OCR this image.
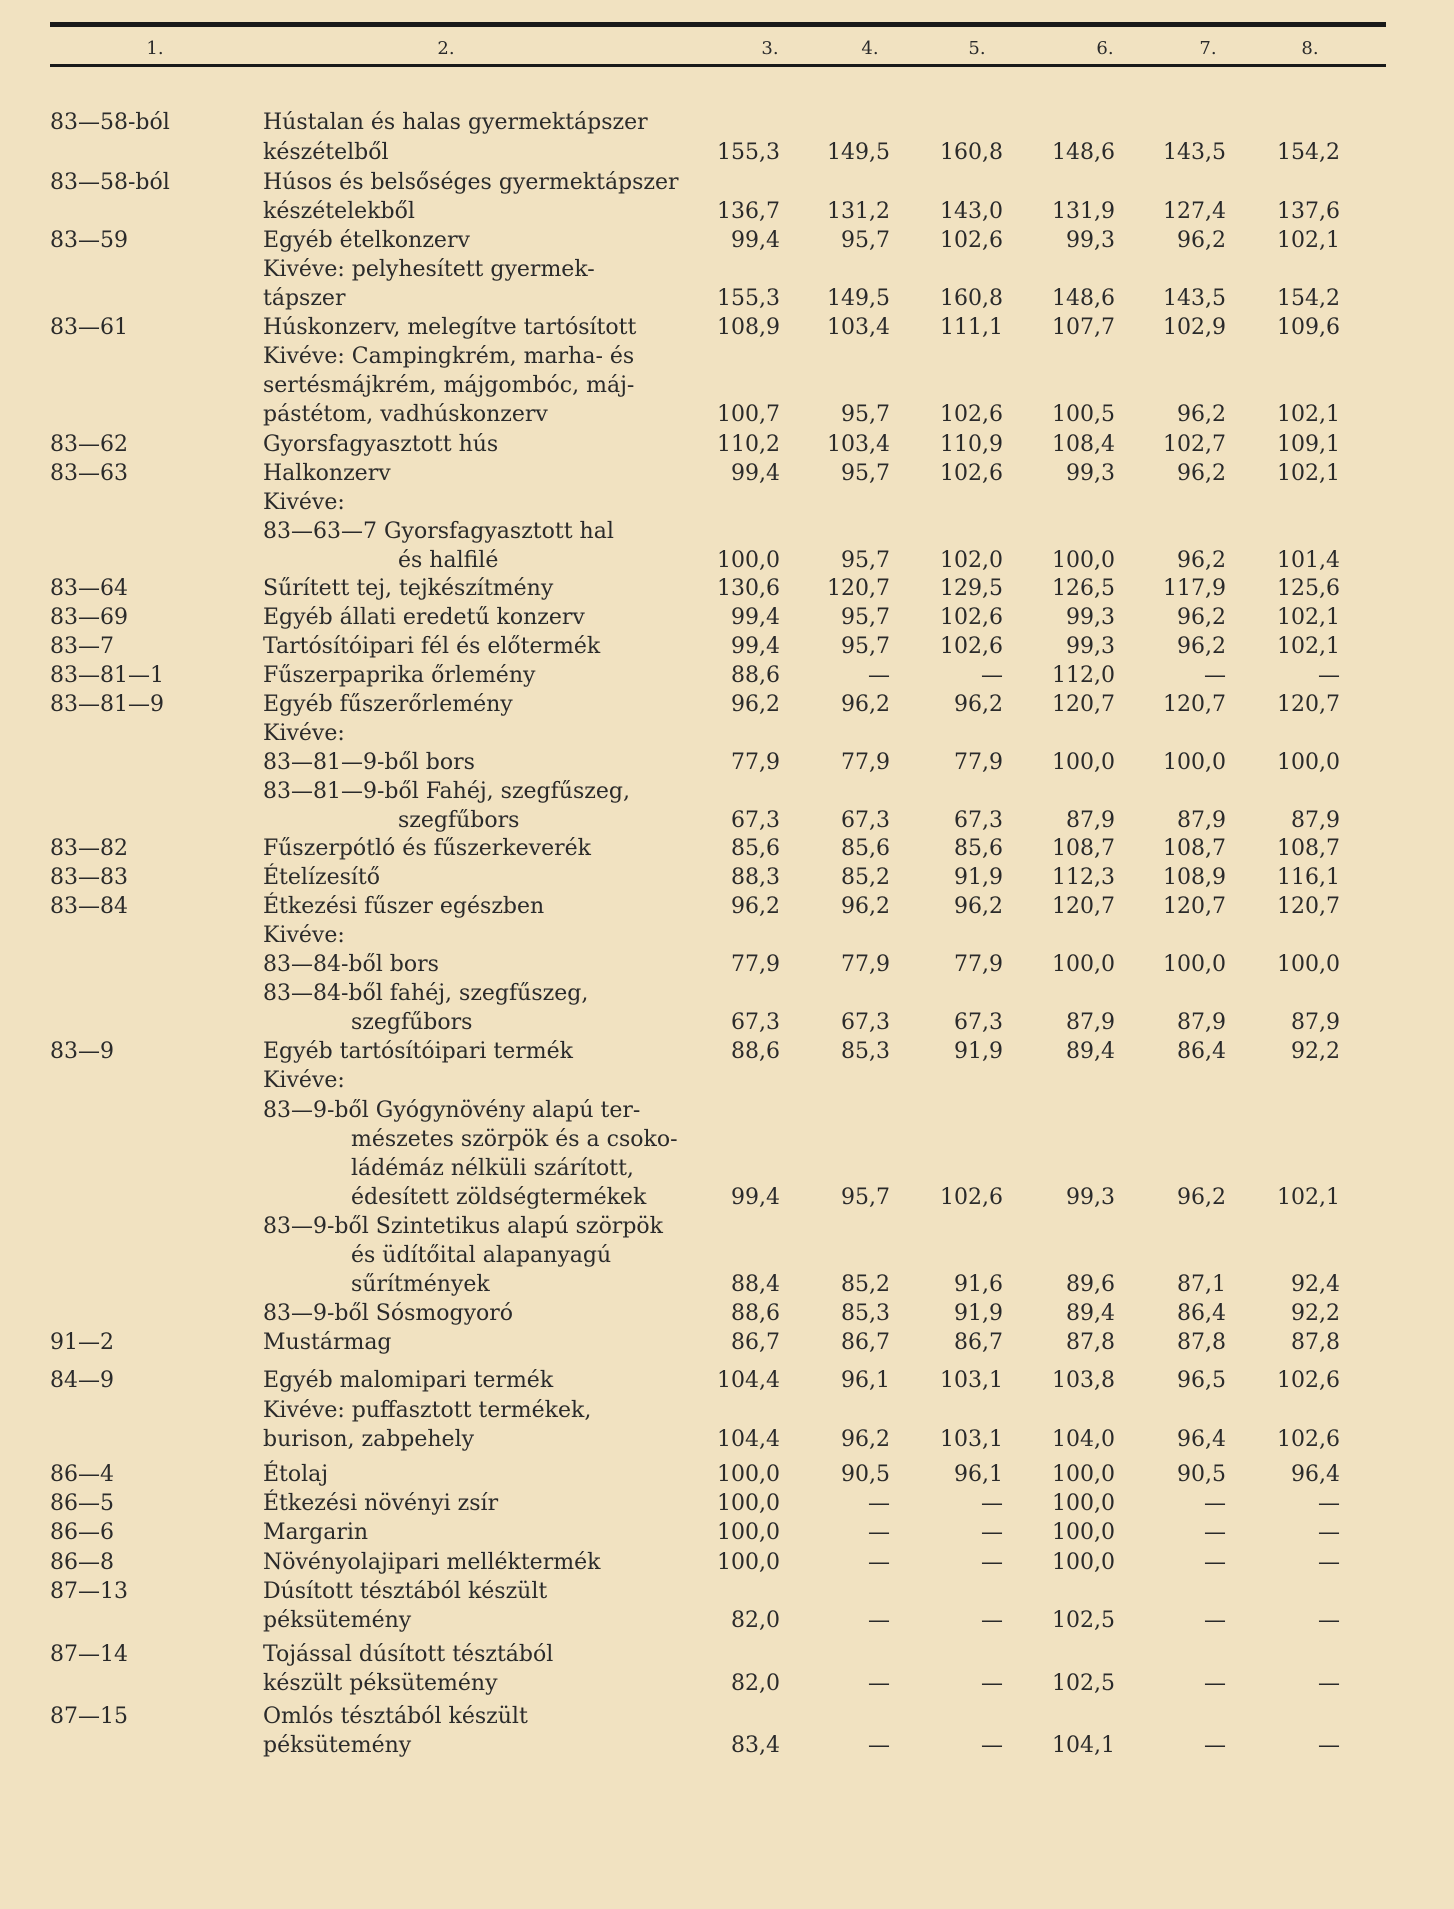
1.	2.	3.	4.	5.	6.	7.	8.
83—58-ból	Hústalan és halas gyermektápszer
készételből	155,3 149,5 160,8 148,6 143,5 154,2
83—58-ból	Húsos és belsőséges gyermektápszer
készételekből	136,7 131,2 143,0 131,9 127,4 137,6
83—59	Egyéb ételkonzerv	99,4	95,7 102,6	99,3	96,2 102,1
Kivéve: pelyhesített gyermek-
tápszer	155,3 149,5 160,8 148,6 143,5 154,2
83—61	Húskonzerv, melegítve tartósított	108,9 103,4 111,1 107,7 102,9 109,6
Kivéve: Campingkrém, marha- és
sertésmájkrém, májgombóc, máj-
pástétom, vadhúskonzerv	100,7	95,7 102,6 100,5	96,2 102,1
83—62	Gyorsfagyasztott hús	110,2 103,4 110,9 108,4 102,7 109,1
83—63	Halkonzerv	99,4	95,7 102,6	99,3	96,2 102,1
Kivéve:
83—63—7 Gyorsfagyasztott hal
és halfilé	100,0	95,7 102,0 100,0	96,2 101,4
83—64	Sűrített tej, tejkészítmény	130,6 120,7 129,5 126,5 117,9 125,6
83—69	Egyéb állati eredetű konzerv	99,4	95,7 102,6	99,3	96,2 102,1
83—7	Tartósítóipari fél és előtermék	99,4	95,7 102,6	99,3	96,2 102,1
83—81—1	Fűszerpaprika őrlemény	88,6	—	— 112,0	—	—
83—81—9	Egyéb fűszerőrlemény	96,2	96,2	96,2 120,7 120,7 120,7
Kivéve:
83—81—9-ből bors	77,9	77,9	77,9 100,0 100,0 100,0
83—81—9-ből Fahéj, szegfűszeg,
szegfűbors	67,3	67,3	67,3	87,9	87,9	87,9
83—82	Fűszerpótló és fűszerkeverék	85,6	85,6	85,6 108,7 108,7 108,7
83—83	Ételízesítő	88,3	85,2	91,9 112,3 108,9 116,1
83—84	Étkezési fűszer egészben	96,2	96,2	96,2 120,7 120,7 120,7
Kivéve:
83—84-ből bors	77,9	77,9	77,9 100,0 100,0 100,0
83—84-ből fahéj, szegfűszeg,
szegfűbors	67,3	67,3	67,3	87,9	87,9	87,9
83—9	Egyéb tartósítóipari termék	88,6	85,3	91,9	89,4	86,4	92,2
Kivéve:
83—9-ből Gyógynövény alapú ter-
mészetes szörpök és a csoko-
ládémáz nélküli szárított,
édesített zöldségtermékek	99,4	95,7 102,6	99,3	96,2 102,1
83—9-ből Szintetikus alapú szörpök
és üdítőital alapanyagú
sűrítmények	88,4	85,2	91,6	89,6	87,1	92,4
83—9-ből Sósmogyoró	88,6	85,3	91,9	89,4	86,4	92,2
91—2	Mustármag	86,7	86,7	86,7	87,8	87,8	87,8
84—9	Egyéb malomipari termék	104,4	96,1 103,1 103,8	96,5 102,6
Kivéve: puffasztott termékek,
burison, zabpehely	104,4	96,2 103,1 104,0	96,4 102,6
86—4	Étolaj	100,0	90,5	96,1 100,0	90,5	96,4
86—5	Étkezési növényi zsír	100,0	—	— 100,0	—	—
86—6	Margarin	100,0	—	— 100,0	—	—
86—8	Növényolajipari melléktermék	100,0	—	— 100,0	—	—
87—13	Dúsított tésztából készült
péksütemény	82,0	—	— 102,5	—	—
87—14	Tojással dúsított tésztából
készült péksütemény	82,0	—	— 102,5	—	—
87—15	Omlós tésztából készült
péksütemény	83,4	—	— 104,1	—	—
